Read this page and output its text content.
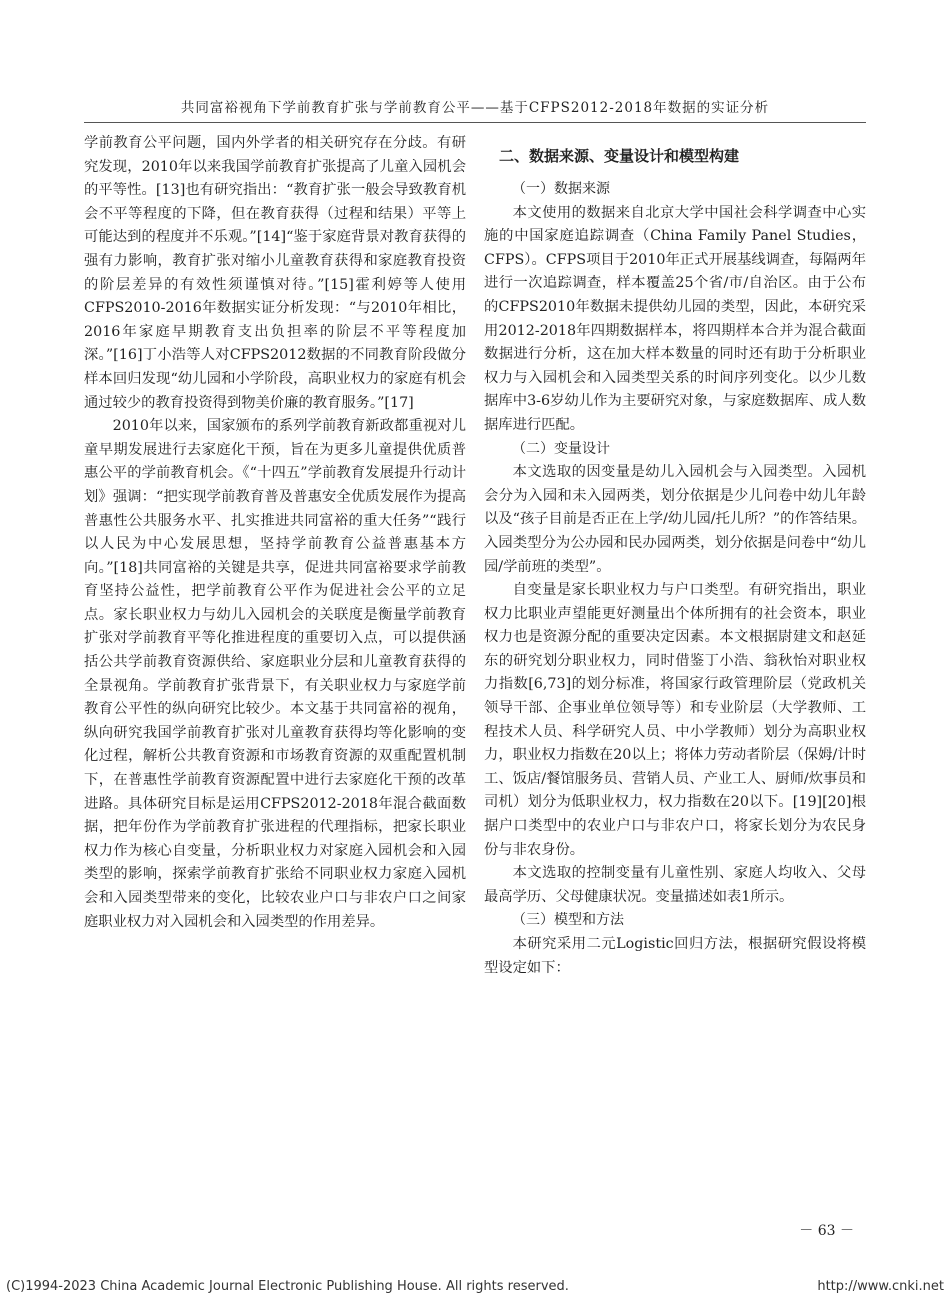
共同富裕视角下学前教育扩张与学前教育公平——基于CFPS2012-2018年数据的实证分析

学前教育公平问题，国内外学者的相关研究存在分歧。有研究发现，2010年以来我国学前教育扩张提高了儿童入园机会的平等性。[13]也有研究指出：“教育扩张一般会导致教育机会不平等程度的下降，但在教育获得（过程和结果）平等上可能达到的程度并不乐观。”[14]“鉴于家庭背景对教育获得的强有力影响，教育扩张对缩小儿童教育获得和家庭教育投资的阶层差异的有效性须谨慎对待。”[15]霍利婷等人使用CFPS2010-2016年数据实证分析发现：“与2010年相比，2016年家庭早期教育支出负担率的阶层不平等程度加深。”[16]丁小浩等人对CFPS2012数据的不同教育阶段做分样本回归发现“幼儿园和小学阶段，高职业权力的家庭有机会通过较少的教育投资得到物美价廉的教育服务。”[17]

2010年以来，国家颁布的系列学前教育新政都重视对儿童早期发展进行去家庭化干预，旨在为更多儿童提供优质普惠公平的学前教育机会。《“十四五”学前教育发展提升行动计划》强调：“把实现学前教育普及普惠安全优质发展作为提高普惠性公共服务水平、扎实推进共同富裕的重大任务”“践行以人民为中心发展思想，坚持学前教育公益普惠基本方向。”[18]共同富裕的关键是共享，促进共同富裕要求学前教育坚持公益性，把学前教育公平作为促进社会公平的立足点。家长职业权力与幼儿入园机会的关联度是衡量学前教育扩张对学前教育平等化推进程度的重要切入点，可以提供涵括公共学前教育资源供给、家庭职业分层和儿童教育获得的全景视角。学前教育扩张背景下，有关职业权力与家庭学前教育公平性的纵向研究比较少。本文基于共同富裕的视角，纵向研究我国学前教育扩张对儿童教育获得均等化影响的变化过程，解析公共教育资源和市场教育资源的双重配置机制下，在普惠性学前教育资源配置中进行去家庭化干预的改革进路。具体研究目标是运用CFPS2012-2018年混合截面数据，把年份作为学前教育扩张进程的代理指标，把家长职业权力作为核心自变量，分析职业权力对家庭入园机会和入园类型的影响，探索学前教育扩张给不同职业权力家庭入园机会和入园类型带来的变化，比较农业户口与非农户口之间家庭职业权力对入园机会和入园类型的作用差异。

二、数据来源、变量设计和模型构建
（一）数据来源

本文使用的数据来自北京大学中国社会科学调查中心实施的中国家庭追踪调查（China Family Panel Studies，CFPS）。CFPS项目于2010年正式开展基线调查，每隔两年进行一次追踪调查，样本覆盖25个省/市/自治区。由于公布的CFPS2010年数据未提供幼儿园的类型，因此，本研究采用2012-2018年四期数据样本，将四期样本合并为混合截面数据进行分析，这在加大样本数量的同时还有助于分析职业权力与入园机会和入园类型关系的时间序列变化。以少儿数据库中3-6岁幼儿作为主要研究对象，与家庭数据库、成人数据库进行匹配。

（二）变量设计

本文选取的因变量是幼儿入园机会与入园类型。入园机会分为入园和未入园两类，划分依据是少儿问卷中幼儿年龄以及“孩子目前是否正在上学/幼儿园/托儿所？”的作答结果。入园类型分为公办园和民办园两类，划分依据是问卷中“幼儿园/学前班的类型”。

自变量是家长职业权力与户口类型。有研究指出，职业权力比职业声望能更好测量出个体所拥有的社会资本，职业权力也是资源分配的重要决定因素。本文根据尉建文和赵延东的研究划分职业权力，同时借鉴丁小浩、翁秋怡对职业权力指数[6,73]的划分标准，将国家行政管理阶层（党政机关领导干部、企事业单位领导等）和专业阶层（大学教师、工程技术人员、科学研究人员、中小学教师）划分为高职业权力，职业权力指数在20以上；将体力劳动者阶层（保姆/计时工、饭店/餐馆服务员、营销人员、产业工人、厨师/炊事员和司机）划分为低职业权力，权力指数在20以下。[19][20]根据户口类型中的农业户口与非农户口，将家长划分为农民身份与非农身份。

本文选取的控制变量有儿童性别、家庭人均收入、父母最高学历、父母健康状况。变量描述如表1所示。

（三）模型和方法

本研究采用二元Logistic回归方法，根据研究假设将模型设定如下：

－ 63 －
(C)1994-2023 China Academic Journal Electronic Publishing House. All rights reserved.	http://www.cnki.net
